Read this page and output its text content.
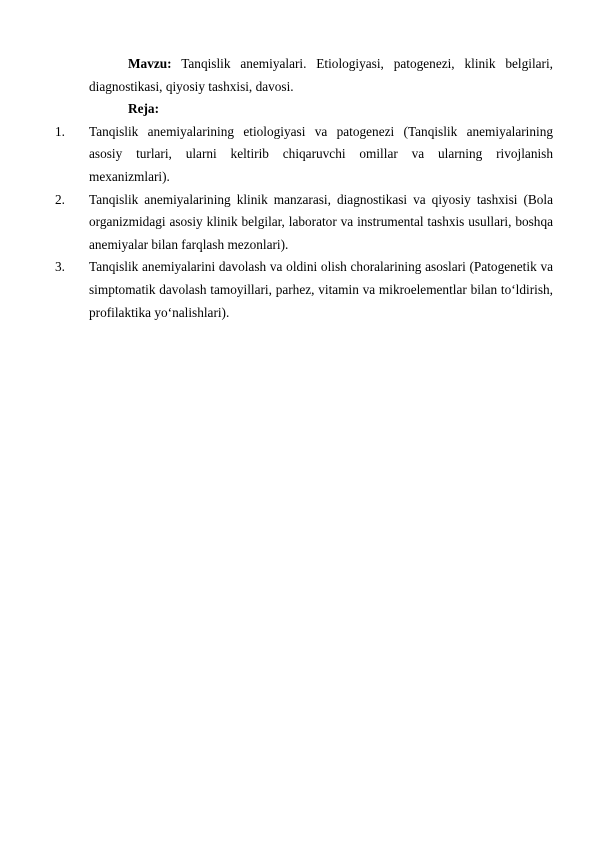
Mavzu: Tanqislik anemiyalari. Etiologiyasi, patogenezi, klinik belgilari, diagnostikasi, qiyosiy tashxisi, davosi.

Reja:

1.	Tanqislik anemiyalarining etiologiyasi va patogenezi (Tanqislik anemiyalarining asosiy turlari, ularni keltirib chiqaruvchi omillar va ularning rivojlanish mexanizmlari).
2.	Tanqislik anemiyalarining klinik manzarasi, diagnostikasi va qiyosiy tashxisi (Bola organizmidagi asosiy klinik belgilar, laborator va instrumental tashxis usullari, boshqa anemiyalar bilan farqlash mezonlari).
3.	Tanqislik anemiyalarini davolash va oldini olish choralarining asoslari (Patogenetik va simptomatik davolash tamoyillari, parhez, vitamin va mikroelementlar bilan to‘ldirish, profilaktika yo‘nalishlari).
